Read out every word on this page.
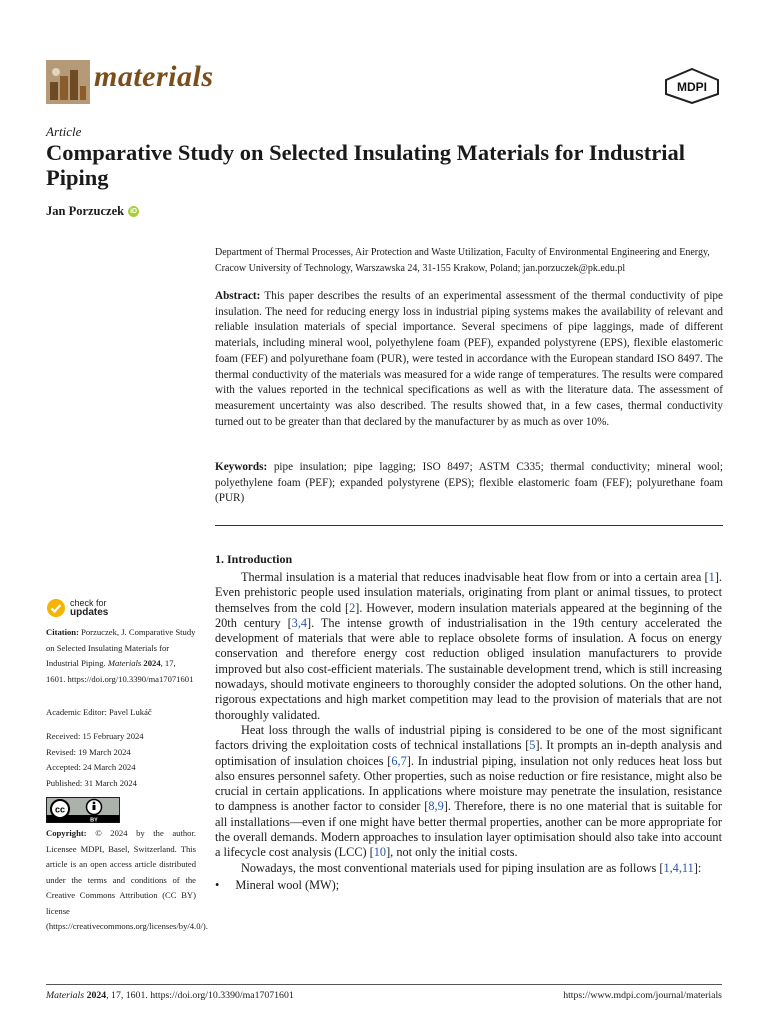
materials	MDPI
Article
Comparative Study on Selected Insulating Materials for Industrial Piping
Jan Porzuczek iD
Department of Thermal Processes, Air Protection and Waste Utilization, Faculty of Environmental Engineering and Energy, Cracow University of Technology, Warszawska 24, 31-155 Krakow, Poland; jan.porzuczek@pk.edu.pl
Abstract: This paper describes the results of an experimental assessment of the thermal conductivity of pipe insulation. The need for reducing energy loss in industrial piping systems makes the availability of relevant and reliable insulation materials of special importance. Several specimens of pipe laggings, made of different materials, including mineral wool, polyethylene foam (PEF), expanded polystyrene (EPS), flexible elastomeric foam (FEF) and polyurethane foam (PUR), were tested in accordance with the European standard ISO 8497. The thermal conductivity of the materials was measured for a wide range of temperatures. The results were compared with the values reported in the technical specifications as well as with the literature data. The assessment of measurement uncertainty was also described. The results showed that, in a few cases, thermal conductivity turned out to be greater than that declared by the manufacturer by as much as over 10%.
Keywords: pipe insulation; pipe lagging; ISO 8497; ASTM C335; thermal conductivity; mineral wool; polyethylene foam (PEF); expanded polystyrene (EPS); flexible elastomeric foam (FEF); polyurethane foam (PUR)
1. Introduction

Thermal insulation is a material that reduces inadvisable heat flow from or into a certain area [1]. Even prehistoric people used insulation materials, originating from plant or animal tissues, to protect themselves from the cold [2]. However, modern insulation materials appeared at the beginning of the 20th century [3,4]. The intense growth of industrialisation in the 19th century accelerated the development of materials that were able to replace obsolete forms of insulation. A focus on energy conservation and therefore energy cost reduction obliged insulation manufacturers to provide improved but also cost-efficient materials. The sustainable development trend, which is still increasing nowadays, should motivate engineers to thoroughly consider the adopted solutions. On the other hand, rigorous expectations and high market competition may lead to the provision of materials that are not thoroughly validated.

Heat loss through the walls of industrial piping is considered to be one of the most significant factors driving the exploitation costs of technical installations [5]. It prompts an in-depth analysis and optimisation of insulation choices [6,7]. In industrial piping, insulation not only reduces heat loss but also ensures personnel safety. Other properties, such as noise reduction or fire resistance, might also be crucial in certain applications. In applications where moisture may penetrate the insulation, resistance to dampness is another factor to consider [8,9]. Therefore, there is no one material that is suitable for all installations—even if one might have better thermal properties, another can be more appropriate for the overall demands. Modern approaches to insulation layer optimisation should also take into account a lifecycle cost analysis (LCC) [10], not only the initial costs.

Nowadays, the most conventional materials used for piping insulation are as follows [1,4,11]:

• Mineral wool (MW);
check for
updates
Citation: Porzuczek, J. Comparative Study on Selected Insulating Materials for Industrial Piping. Materials 2024, 17, 1601. https://doi.org/10.3390/ma17071601
Academic Editor: Pavel Lukáč
Received: 15 February 2024
Revised: 19 March 2024
Accepted: 24 March 2024
Published: 31 March 2024
cc
BY
Copyright: © 2024 by the author. Licensee MDPI, Basel, Switzerland. This article is an open access article distributed under the terms and conditions of the Creative Commons Attribution (CC BY) license (https://creativecommons.org/licenses/by/4.0/).
Materials 2024, 17, 1601. https://doi.org/10.3390/ma17071601	https://www.mdpi.com/journal/materials
